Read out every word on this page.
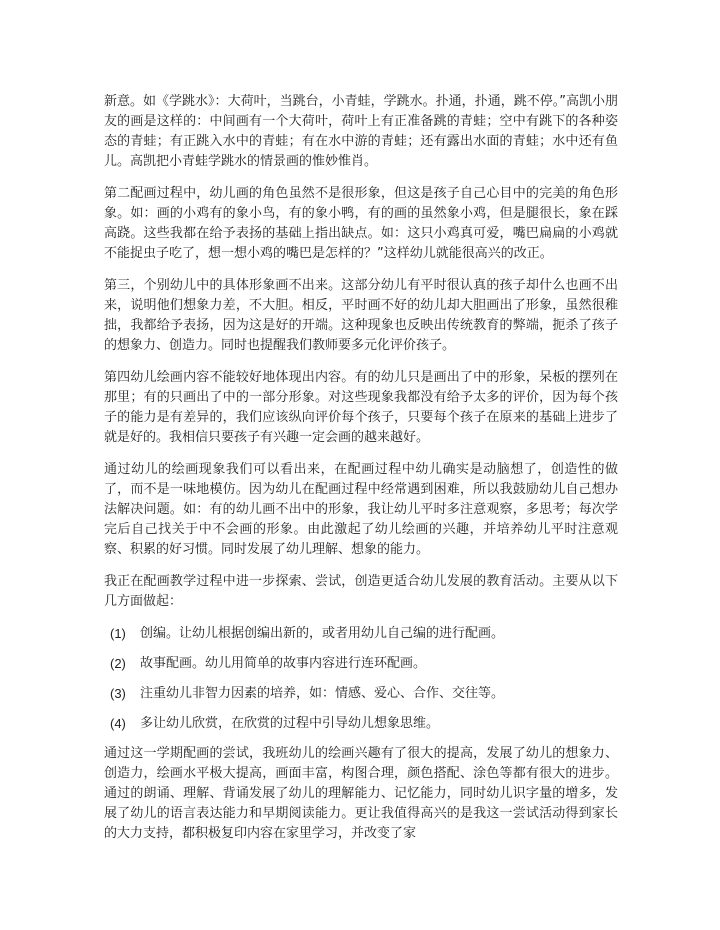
新意。如《学跳水》：大荷叶，当跳台，小青蛙，学跳水。扑通，扑通，跳不停。”高凯小朋友的画是这样的：中间画有一个大荷叶，荷叶上有正准备跳的青蛙；空中有跳下的各种姿态的青蛙；有正跳入水中的青蛙；有在水中游的青蛙；还有露出水面的青蛙；水中还有鱼儿。高凯把小青蛙学跳水的情景画的惟妙惟肖。

第二配画过程中，幼儿画的角色虽然不是很形象，但这是孩子自己心目中的完美的角色形象。如：画的小鸡有的象小鸟，有的象小鸭，有的画的虽然象小鸡，但是腿很长，象在踩高跷。这些我都在给予表扬的基础上指出缺点。如：这只小鸡真可爱，嘴巴扁扁的小鸡就不能捉虫子吃了，想一想小鸡的嘴巴是怎样的？”这样幼儿就能很高兴的改正。

第三，个别幼儿中的具体形象画不出来。这部分幼儿有平时很认真的孩子却什么也画不出来，说明他们想象力差，不大胆。相反，平时画不好的幼儿却大胆画出了形象，虽然很稚拙，我都给予表扬，因为这是好的开端。这种现象也反映出传统教育的弊端，扼杀了孩子的想象力、创造力。同时也提醒我们教师要多元化评价孩子。

第四幼儿绘画内容不能较好地体现出内容。有的幼儿只是画出了中的形象，呆板的摆列在那里；有的只画出了中的一部分形象。对这些现象我都没有给予太多的评价，因为每个孩子的能力是有差异的，我们应该纵向评价每个孩子，只要每个孩子在原来的基础上进步了就是好的。我相信只要孩子有兴趣一定会画的越来越好。

通过幼儿的绘画现象我们可以看出来，在配画过程中幼儿确实是动脑想了，创造性的做了，而不是一味地模仿。因为幼儿在配画过程中经常遇到困难，所以我鼓励幼儿自己想办法解决问题。如：有的幼儿画不出中的形象，我让幼儿平时多注意观察，多思考；每次学完后自己找关于中不会画的形象。由此激起了幼儿绘画的兴趣，并培养幼儿平时注意观察、积累的好习惯。同时发展了幼儿理解、想象的能力。

我正在配画教学过程中进一步探索、尝试，创造更适合幼儿发展的教育活动。主要从以下几方面做起：

(1)	创编。让幼儿根据创编出新的，或者用幼儿自己编的进行配画。
(2)	故事配画。幼儿用简单的故事内容进行连环配画。
(3)	注重幼儿非智力因素的培养，如：情感、爱心、合作、交往等。
(4)	多让幼儿欣赏，在欣赏的过程中引导幼儿想象思维。

通过这一学期配画的尝试，我班幼儿的绘画兴趣有了很大的提高，发展了幼儿的想象力、创造力，绘画水平极大提高，画面丰富，构图合理，颜色搭配、涂色等都有很大的进步。通过的朗诵、理解、背诵发展了幼儿的理解能力、记忆能力，同时幼儿识字量的增多，发展了幼儿的语言表达能力和早期阅读能力。更让我值得高兴的是我这一尝试活动得到家长的大力支持，都积极复印内容在家里学习，并改变了家
